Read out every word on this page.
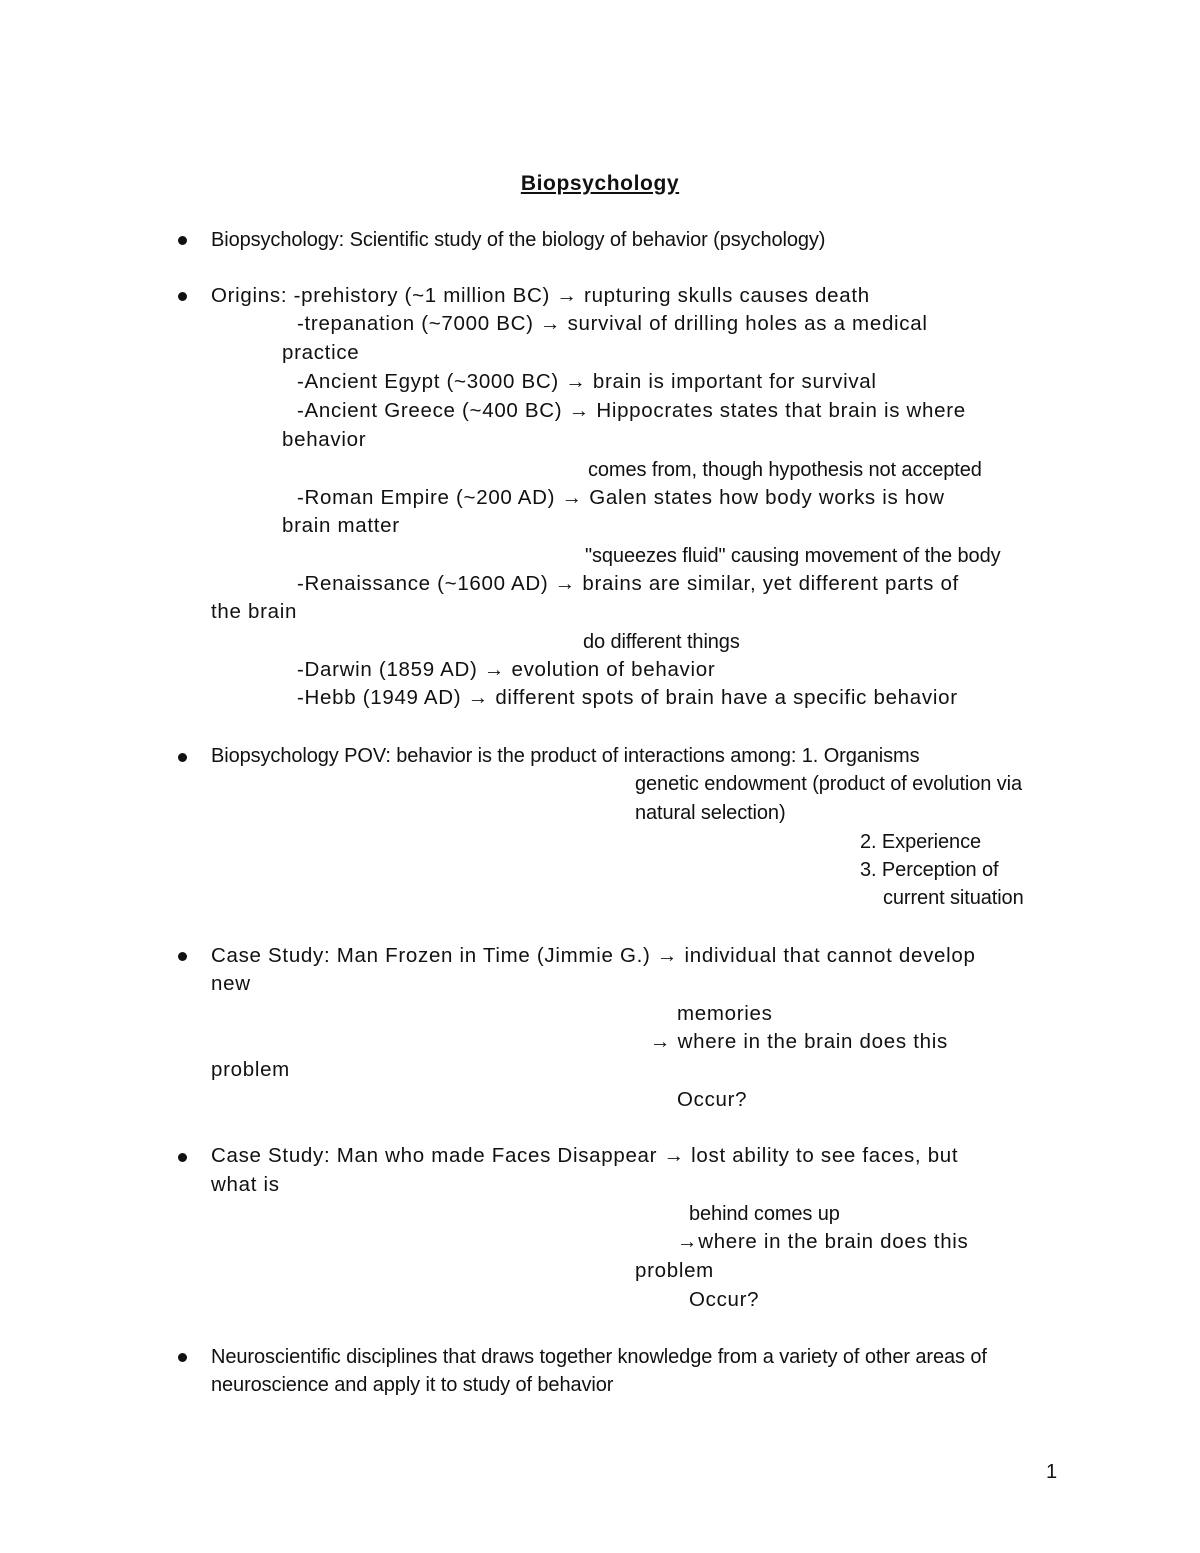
Biopsychology
Biopsychology: Scientific study of the biology of behavior (psychology)
Origins: -prehistory (~1 million BC) → rupturing skulls causes death
-trepanation (~7000 BC) → survival of drilling holes as a medical
practice
-Ancient Egypt (~3000 BC) → brain is important for survival
-Ancient Greece (~400 BC) → Hippocrates states that brain is where
behavior
comes from, though hypothesis not accepted
-Roman Empire (~200 AD) → Galen states how body works is how
brain matter
"squeezes fluid" causing movement of the body
-Renaissance (~1600 AD) → brains are similar, yet different parts of
the brain
do different things
-Darwin (1859 AD) → evolution of behavior
-Hebb (1949 AD) → different spots of brain have a specific behavior
Biopsychology POV: behavior is the product of interactions among: 1. Organisms
genetic endowment (product of evolution via
natural selection)
2. Experience
3. Perception of
current situation
Case Study: Man Frozen in Time (Jimmie G.) → individual that cannot develop
new
memories
→ where in the brain does this
problem
Occur?
Case Study: Man who made Faces Disappear → lost ability to see faces, but
what is
behind comes up
→where in the brain does this
problem
Occur?
Neuroscientific disciplines that draws together knowledge from a variety of other areas of
neuroscience and apply it to study of behavior
1
